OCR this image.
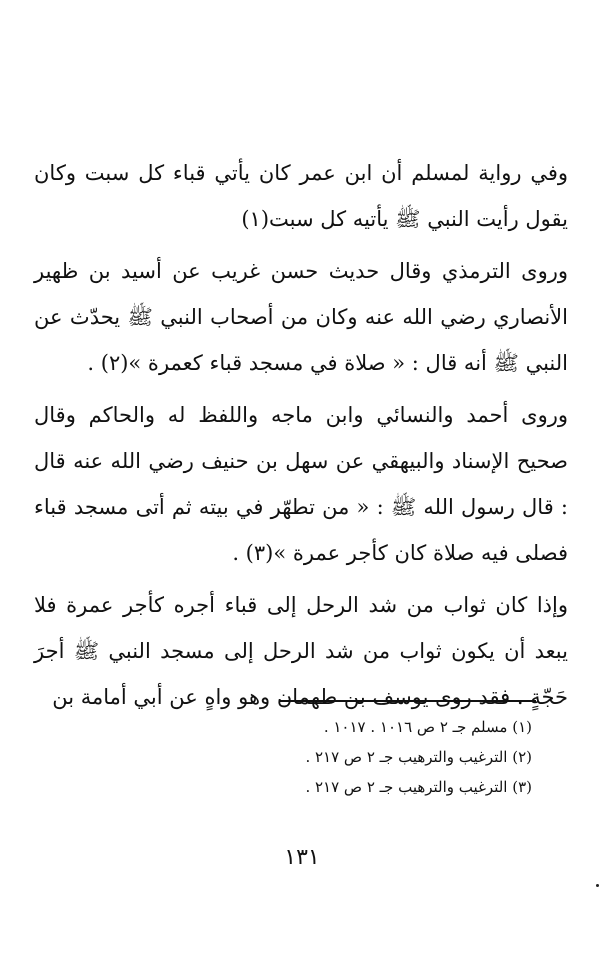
وفي رواية لمسلم أن ابن عمر كان يأتي قباء كل سبت وكان يقول رأيت النبي ﷺ يأتيه كل سبت(١)

وروى الترمذي وقال حديث حسن غريب عن أسيد بن ظهير الأنصاري رضي الله عنه وكان من أصحاب النبي ﷺ يحدّث عن النبي ﷺ أنه قال : « صلاة في مسجد قباء كعمرة »(٢) .

وروى أحمد والنسائي وابن ماجه واللفظ له والحاكم وقال صحيح الإسناد والبيهقي عن سهل بن حنيف رضي الله عنه قال : قال رسول الله ﷺ : « من تطهّر في بيته ثم أتى مسجد قباء فصلى فيه صلاة كان كأجر عمرة »(٣) .

وإذا كان ثواب من شد الرحل إلى قباء أجره كأجر عمرة فلا يبعد أن يكون ثواب من شد الرحل إلى مسجد النبي ﷺ أجرَ حَجّةٍ . فقد روى يوسف بن طهمان وهو واهٍ عن أبي أمامة بن

(١) مسلم جـ ٢ ص ١٠١٦ . ١٠١٧ .
(٢) الترغيب والترهيب جـ ٢ ص ٢١٧ .
(٣) الترغيب والترهيب جـ ٢ ص ٢١٧ .
١٣١
